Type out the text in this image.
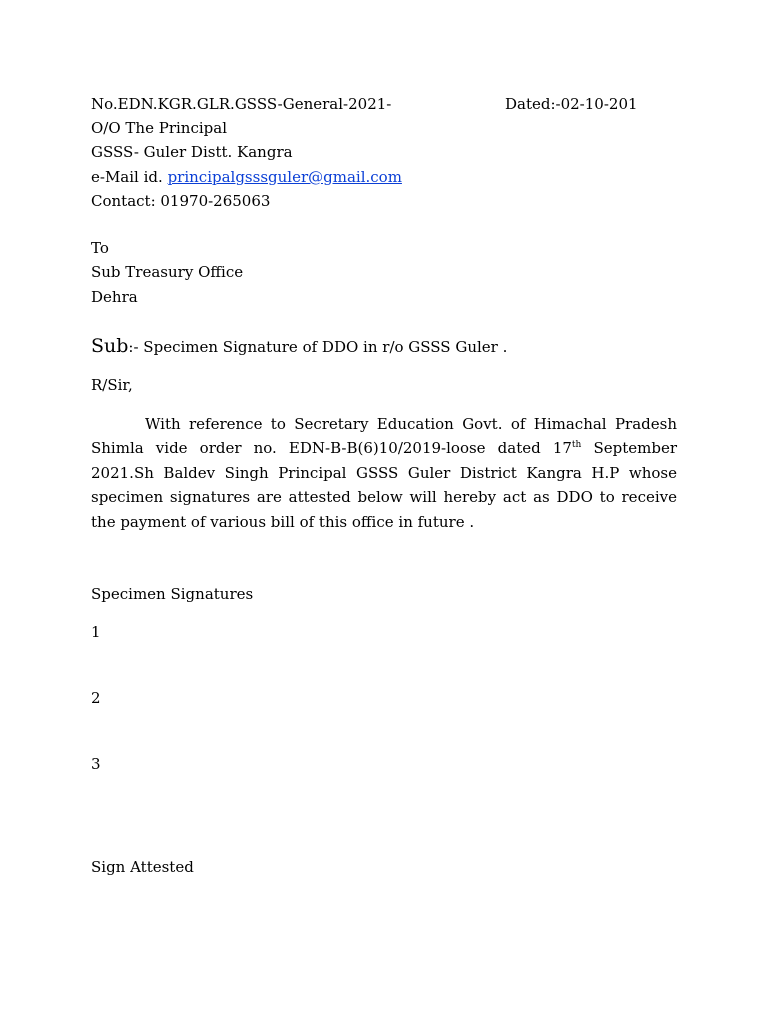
No.EDN.KGR.GLR.GSSS-General-2021-	Dated:-02-10-201
O/O The Principal
GSSS- Guler Distt. Kangra
e-Mail id. principalgsssguler@gmail.com
Contact: 01970-265063
To
Sub Treasury Office
Dehra
Sub:- Specimen Signature of DDO in r/o GSSS Guler .
R/Sir,
With reference to Secretary Education Govt. of Himachal Pradesh Shimla vide order no. EDN-B-B(6)10/2019-loose dated 17th September 2021.Sh Baldev Singh Principal GSSS Guler District Kangra H.P whose specimen signatures are attested below will hereby act as DDO to receive the payment of various bill of this office in future .
Specimen Signatures
1
2
3
Sign Attested
